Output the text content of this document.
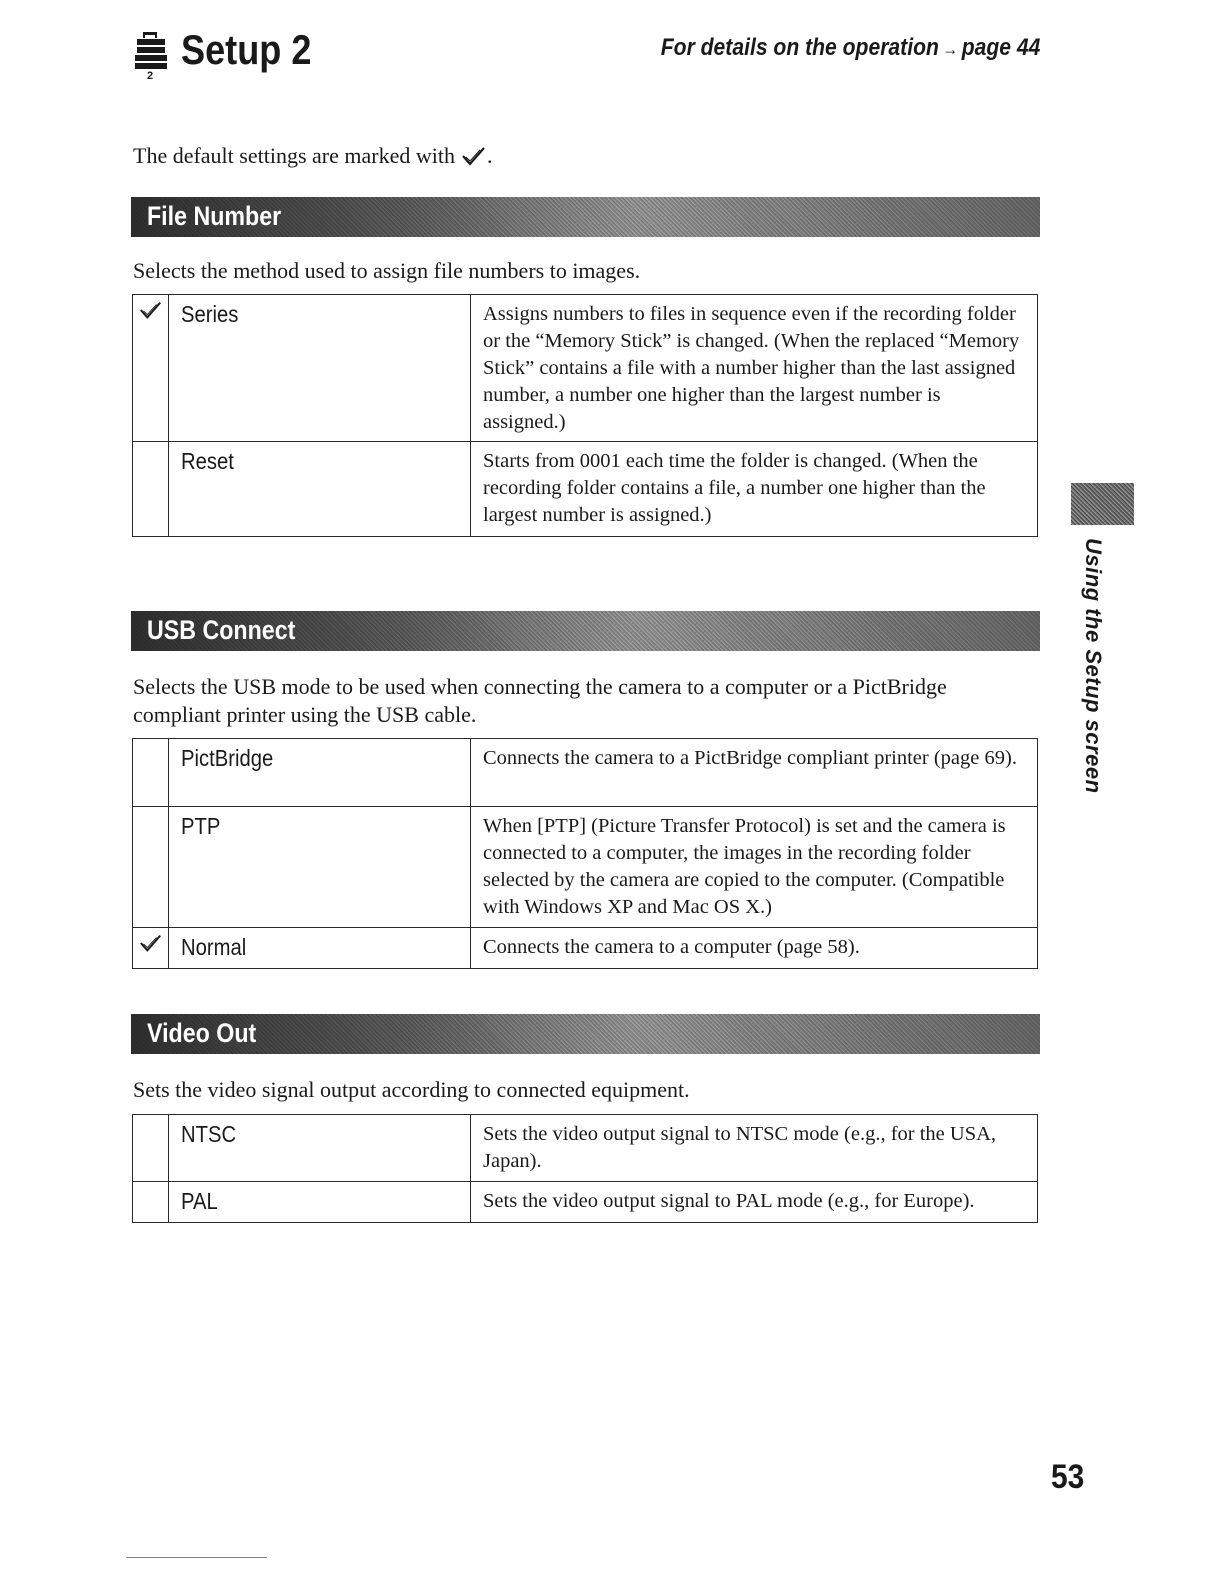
2
Setup 2	For details on the operation → page 44

The default settings are marked with .

File Number

Selects the method used to assign file numbers to images.

	Series	Assigns numbers to files in sequence even if the recording folder or the “Memory Stick” is changed. (When the replaced “Memory Stick” contains a file with a number higher than the last assigned number, a number one higher than the largest number is assigned.)
	Reset	Starts from 0001 each time the folder is changed. (When the recording folder contains a file, a number one higher than the largest number is assigned.)
USB Connect

Selects the USB mode to be used when connecting the camera to a computer or a PictBridge compliant printer using the USB cable.

	PictBridge	Connects the camera to a PictBridge compliant printer (page 69).
	PTP	When [PTP] (Picture Transfer Protocol) is set and the camera is connected to a computer, the images in the recording folder selected by the camera are copied to the computer. (Compatible with Windows XP and Mac OS X.)
	Normal	Connects the camera to a computer (page 58).
Video Out

Sets the video signal output according to connected equipment.

	NTSC	Sets the video output signal to NTSC mode (e.g., for the USA, Japan).
	PAL	Sets the video output signal to PAL mode (e.g., for Europe).
Using the Setup screen
53
